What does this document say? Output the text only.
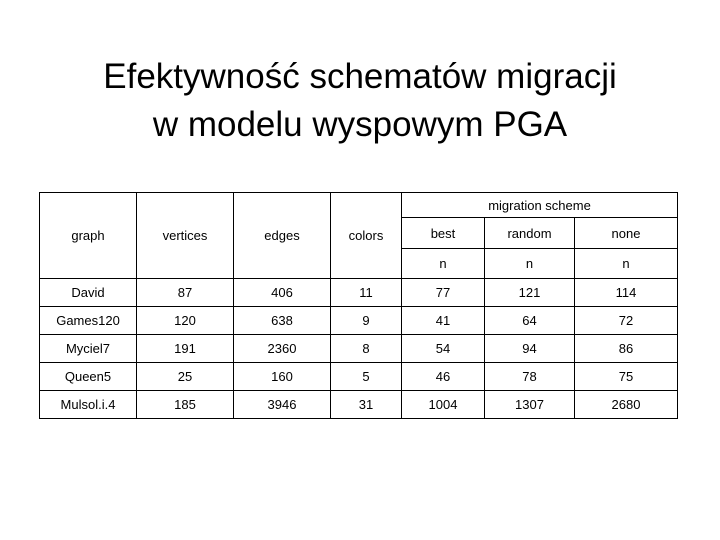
Efektywność schematów migracji
w modelu wyspowym PGA
graph	vertices	edges	colors	migration scheme		
				best	random	none
				n	n	n
David	87	406	11	77	121	114
Games120	120	638	9	41	64	72
Myciel7	191	2360	8	54	94	86
Queen5	25	160	5	46	78	75
Mulsol.i.4	185	3946	31	1004	1307	2680
